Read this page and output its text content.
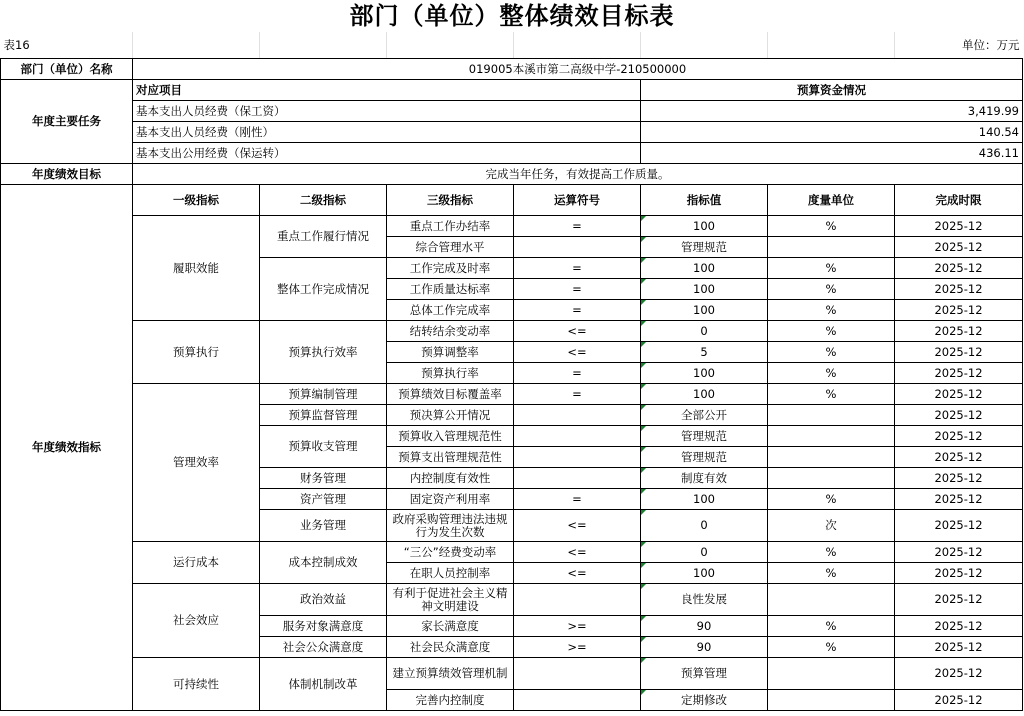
部门（单位）整体绩效目标表
表16							单位：万元
部门（单位）名称	019005本溪市第二高级中学-210500000						
年度主要任务	对应项目				预算资金情况		
	基本支出人员经费（保工资）				3,419.99		
	基本支出人员经费（刚性）				140.54		
	基本支出公用经费（保运转）				436.11		
年度绩效目标	完成当年任务，有效提高工作质量。						
年度绩效指标	一级指标	二级指标	三级指标	运算符号	指标值	度量单位	完成时限
	履职效能	重点工作履行情况	重点工作办结率	=	100	%	2025-12
			综合管理水平		管理规范		2025-12
		整体工作完成情况	工作完成及时率	=	100	%	2025-12
			工作质量达标率	=	100	%	2025-12
			总体工作完成率	=	100	%	2025-12
	预算执行	预算执行效率	结转结余变动率	<=	0	%	2025-12
			预算调整率	<=	5	%	2025-12
			预算执行率	=	100	%	2025-12
	管理效率	预算编制管理	预算绩效目标覆盖率	=	100	%	2025-12
		预算监督管理	预决算公开情况		全部公开		2025-12
		预算收支管理	预算收入管理规范性		管理规范		2025-12
			预算支出管理规范性		管理规范		2025-12
		财务管理	内控制度有效性		制度有效		2025-12
		资产管理	固定资产利用率	=	100	%	2025-12
		业务管理	政府采购管理违法违规行为发生次数	<=	0	次	2025-12
	运行成本	成本控制成效	“三公”经费变动率	<=	0	%	2025-12
			在职人员控制率	<=	100	%	2025-12
	社会效应	政治效益	有利于促进社会主义精神文明建设		良性发展		2025-12
		服务对象满意度	家长满意度	>=	90	%	2025-12
		社会公众满意度	社会民众满意度	>=	90	%	2025-12
	可持续性	体制机制改革	建立预算绩效管理机制		预算管理		2025-12
			完善内控制度		定期修改		2025-12
